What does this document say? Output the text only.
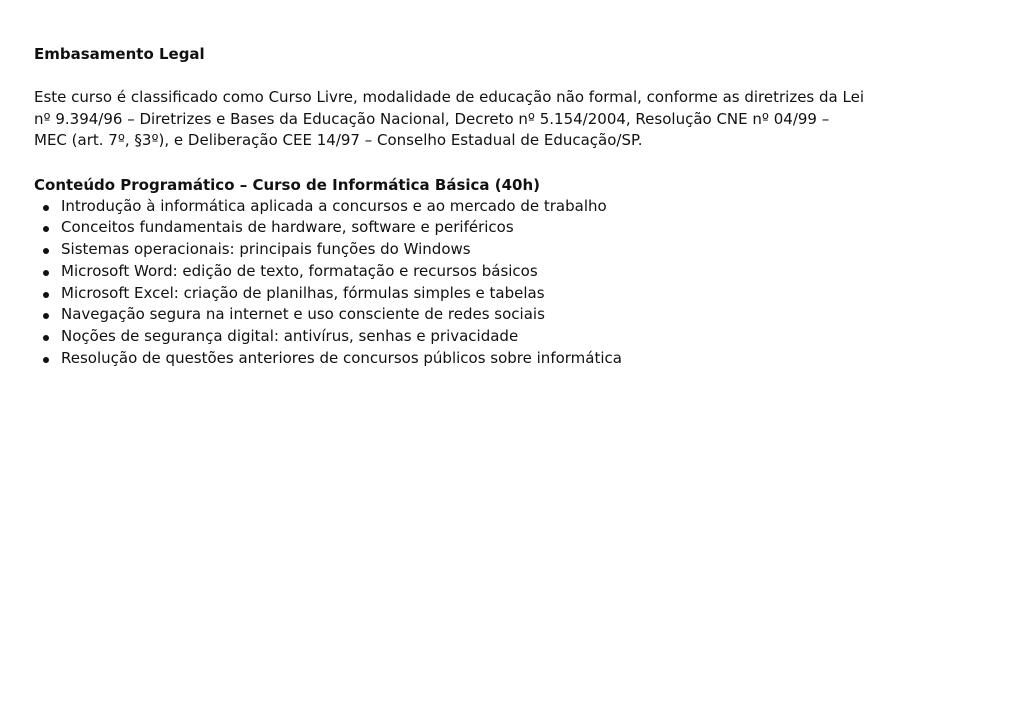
Embasamento Legal

Este curso é classificado como Curso Livre, modalidade de educação não formal, conforme as diretrizes da Lei nº 9.394/96 – Diretrizes e Bases da Educação Nacional, Decreto nº 5.154/2004, Resolução CNE nº 04/99 – MEC (art. 7º, §3º), e Deliberação CEE 14/97 – Conselho Estadual de Educação/SP.

Conteúdo Programático – Curso de Informática Básica (40h)

Introdução à informática aplicada a concursos e ao mercado de trabalho
Conceitos fundamentais de hardware, software e periféricos
Sistemas operacionais: principais funções do Windows
Microsoft Word: edição de texto, formatação e recursos básicos
Microsoft Excel: criação de planilhas, fórmulas simples e tabelas
Navegação segura na internet e uso consciente de redes sociais
Noções de segurança digital: antivírus, senhas e privacidade
Resolução de questões anteriores de concursos públicos sobre informática
